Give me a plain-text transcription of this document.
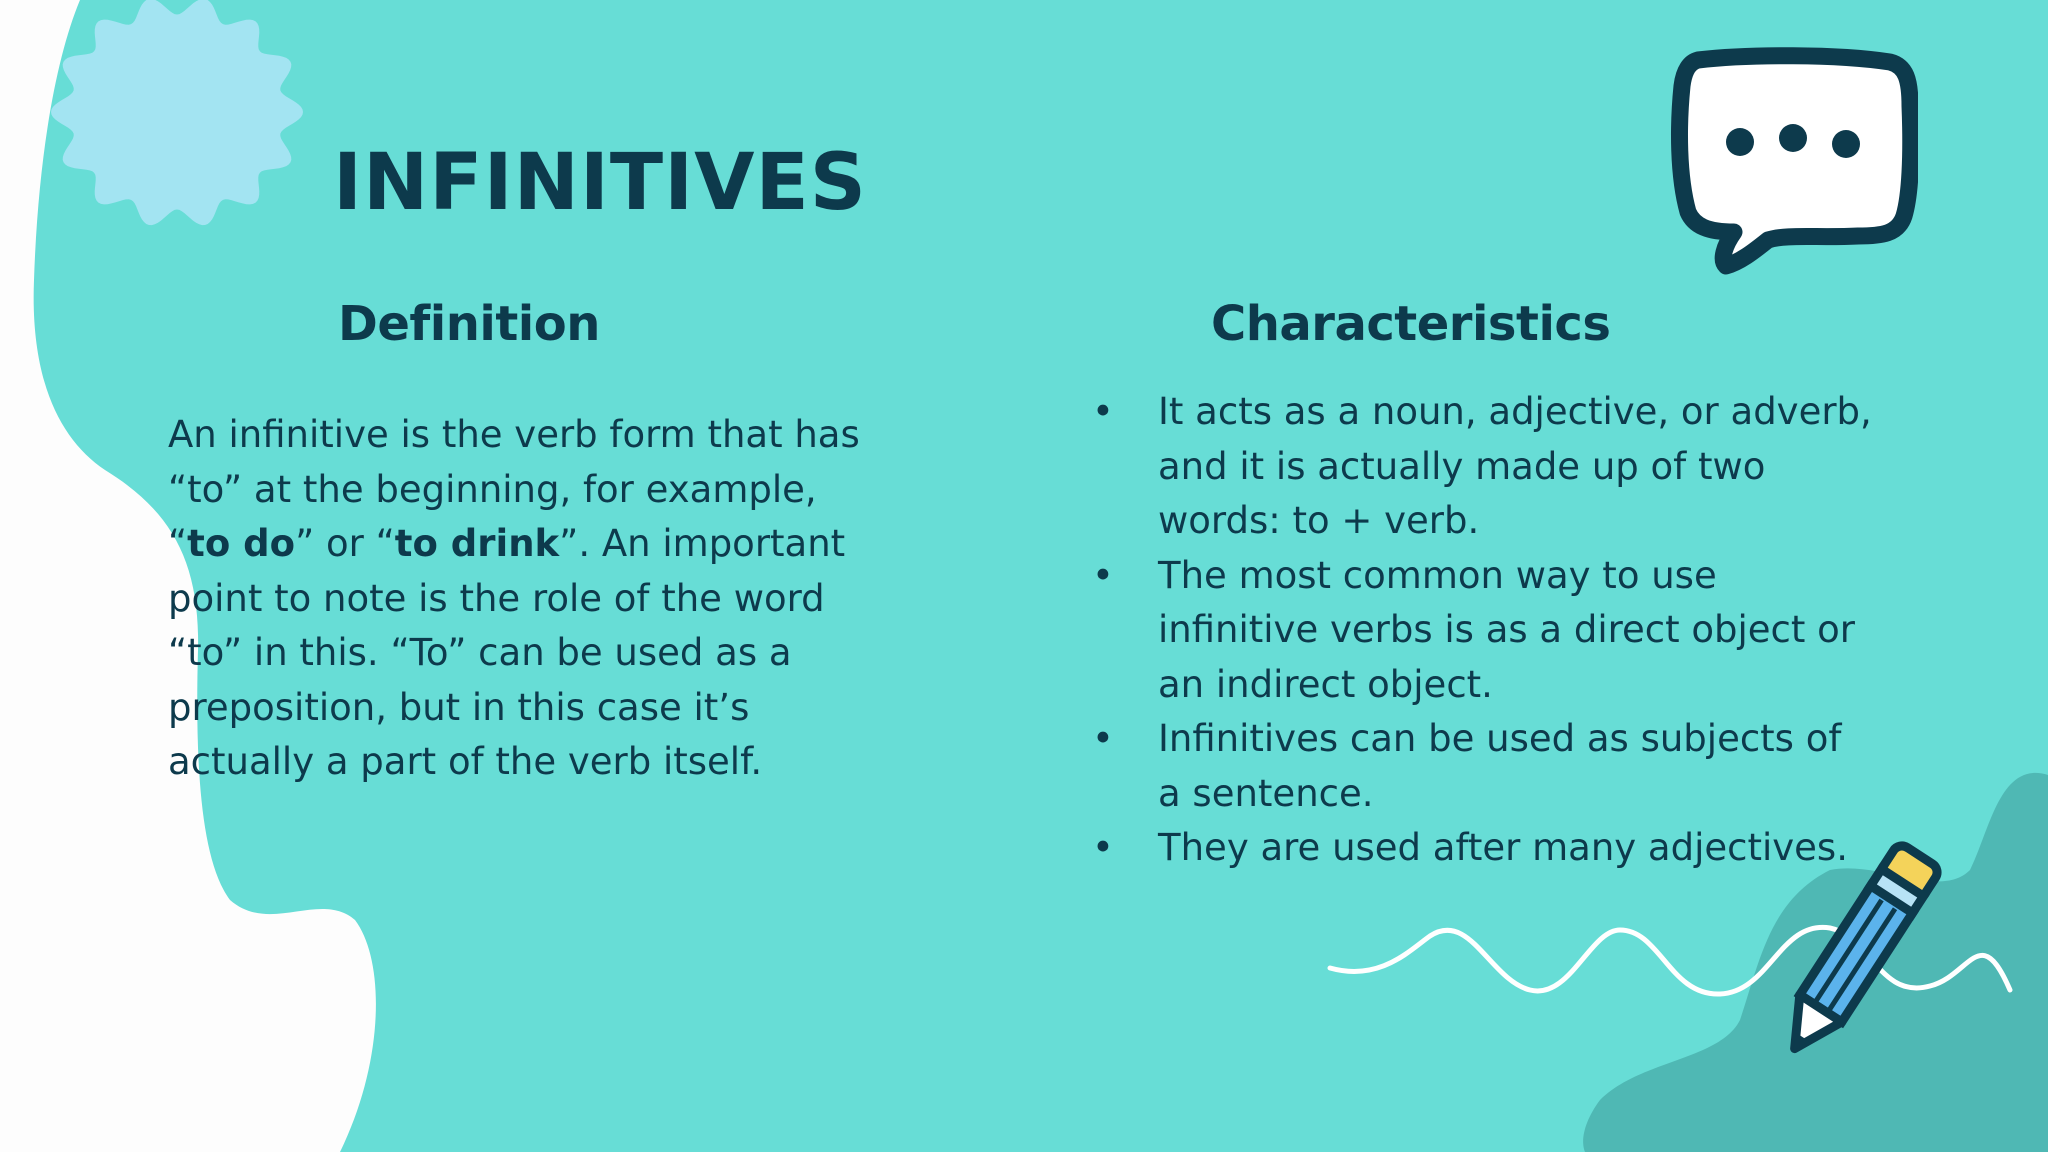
INFINITIVES
Definition

An infinitive is the verb form that has “to” at the beginning, for example, “to do” or “to drink”. An important point to note is the role of the word “to” in this. “To” can be used as a preposition, but in this case it’s actually a part of the verb itself.

Characteristics
• It acts as a noun, adjective, or adverb, and it is actually made up of two words: to + verb.
• The most common way to use infinitive verbs is as a direct object or an indirect object.
• Infinitives can be used as subjects of a sentence.
• They are used after many adjectives.
